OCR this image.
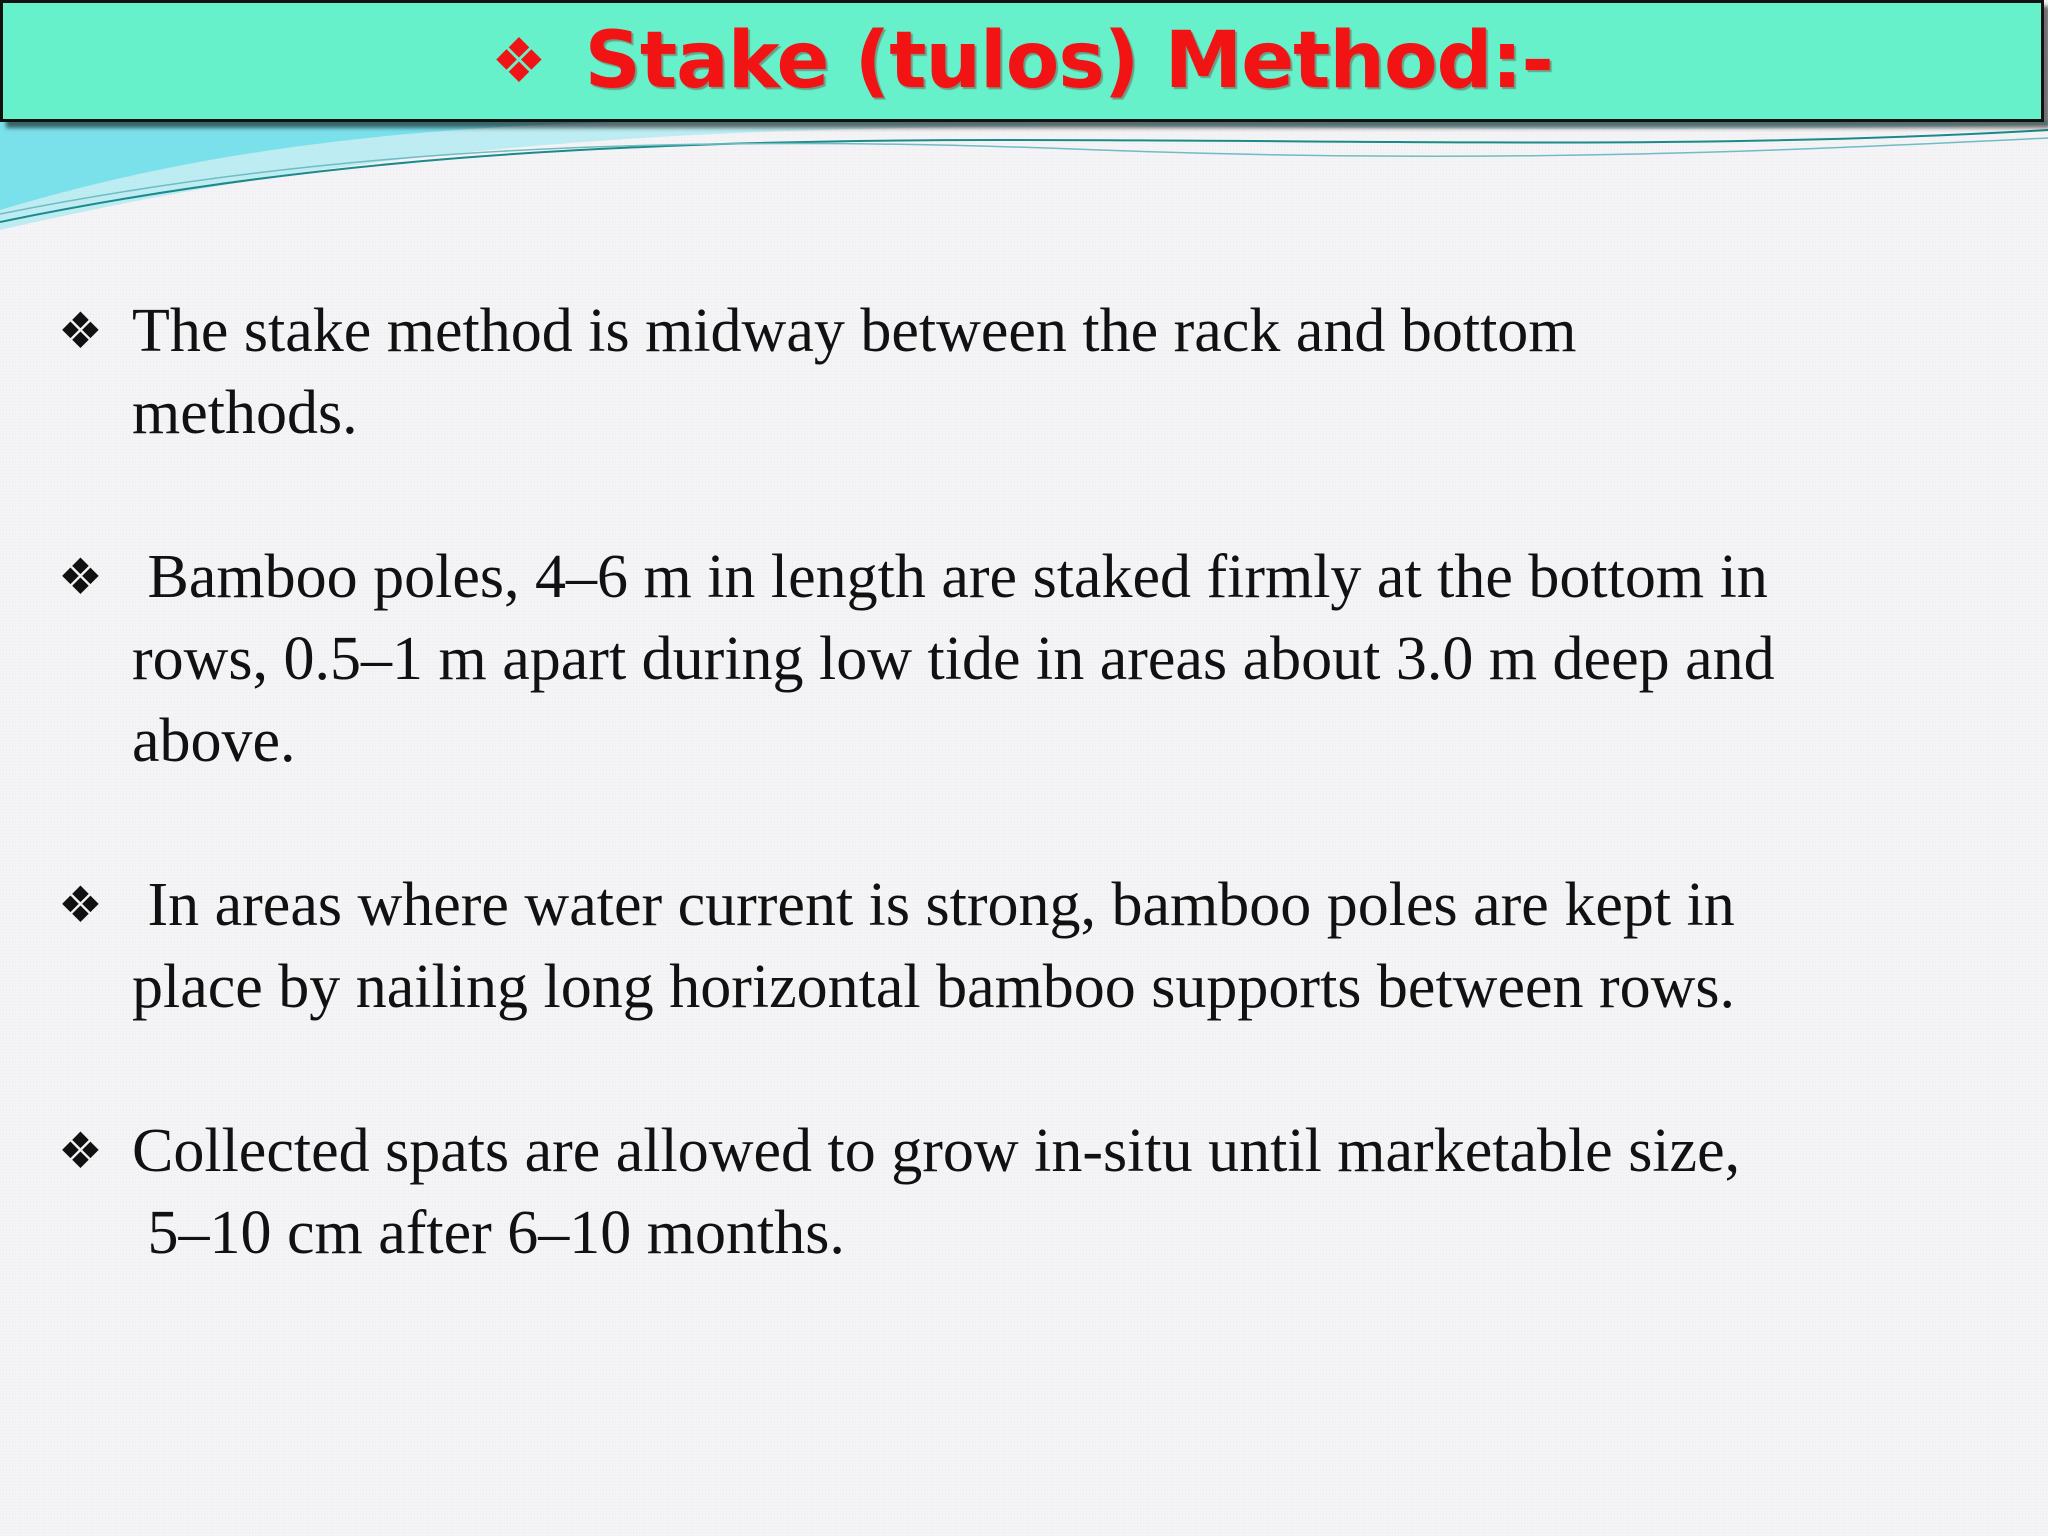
❖ Stake (tulos) Method:-
❖ The stake method is midway between the rack and bottom
methods.
❖ Bamboo poles, 4–6 m in length are staked firmly at the bottom in
rows, 0.5–1 m apart during low tide in areas about 3.0 m deep and
above.
❖ In areas where water current is strong, bamboo poles are kept in
place by nailing long horizontal bamboo supports between rows.
❖ Collected spats are allowed to grow in-situ until marketable size,
5–10 cm after 6–10 months.
